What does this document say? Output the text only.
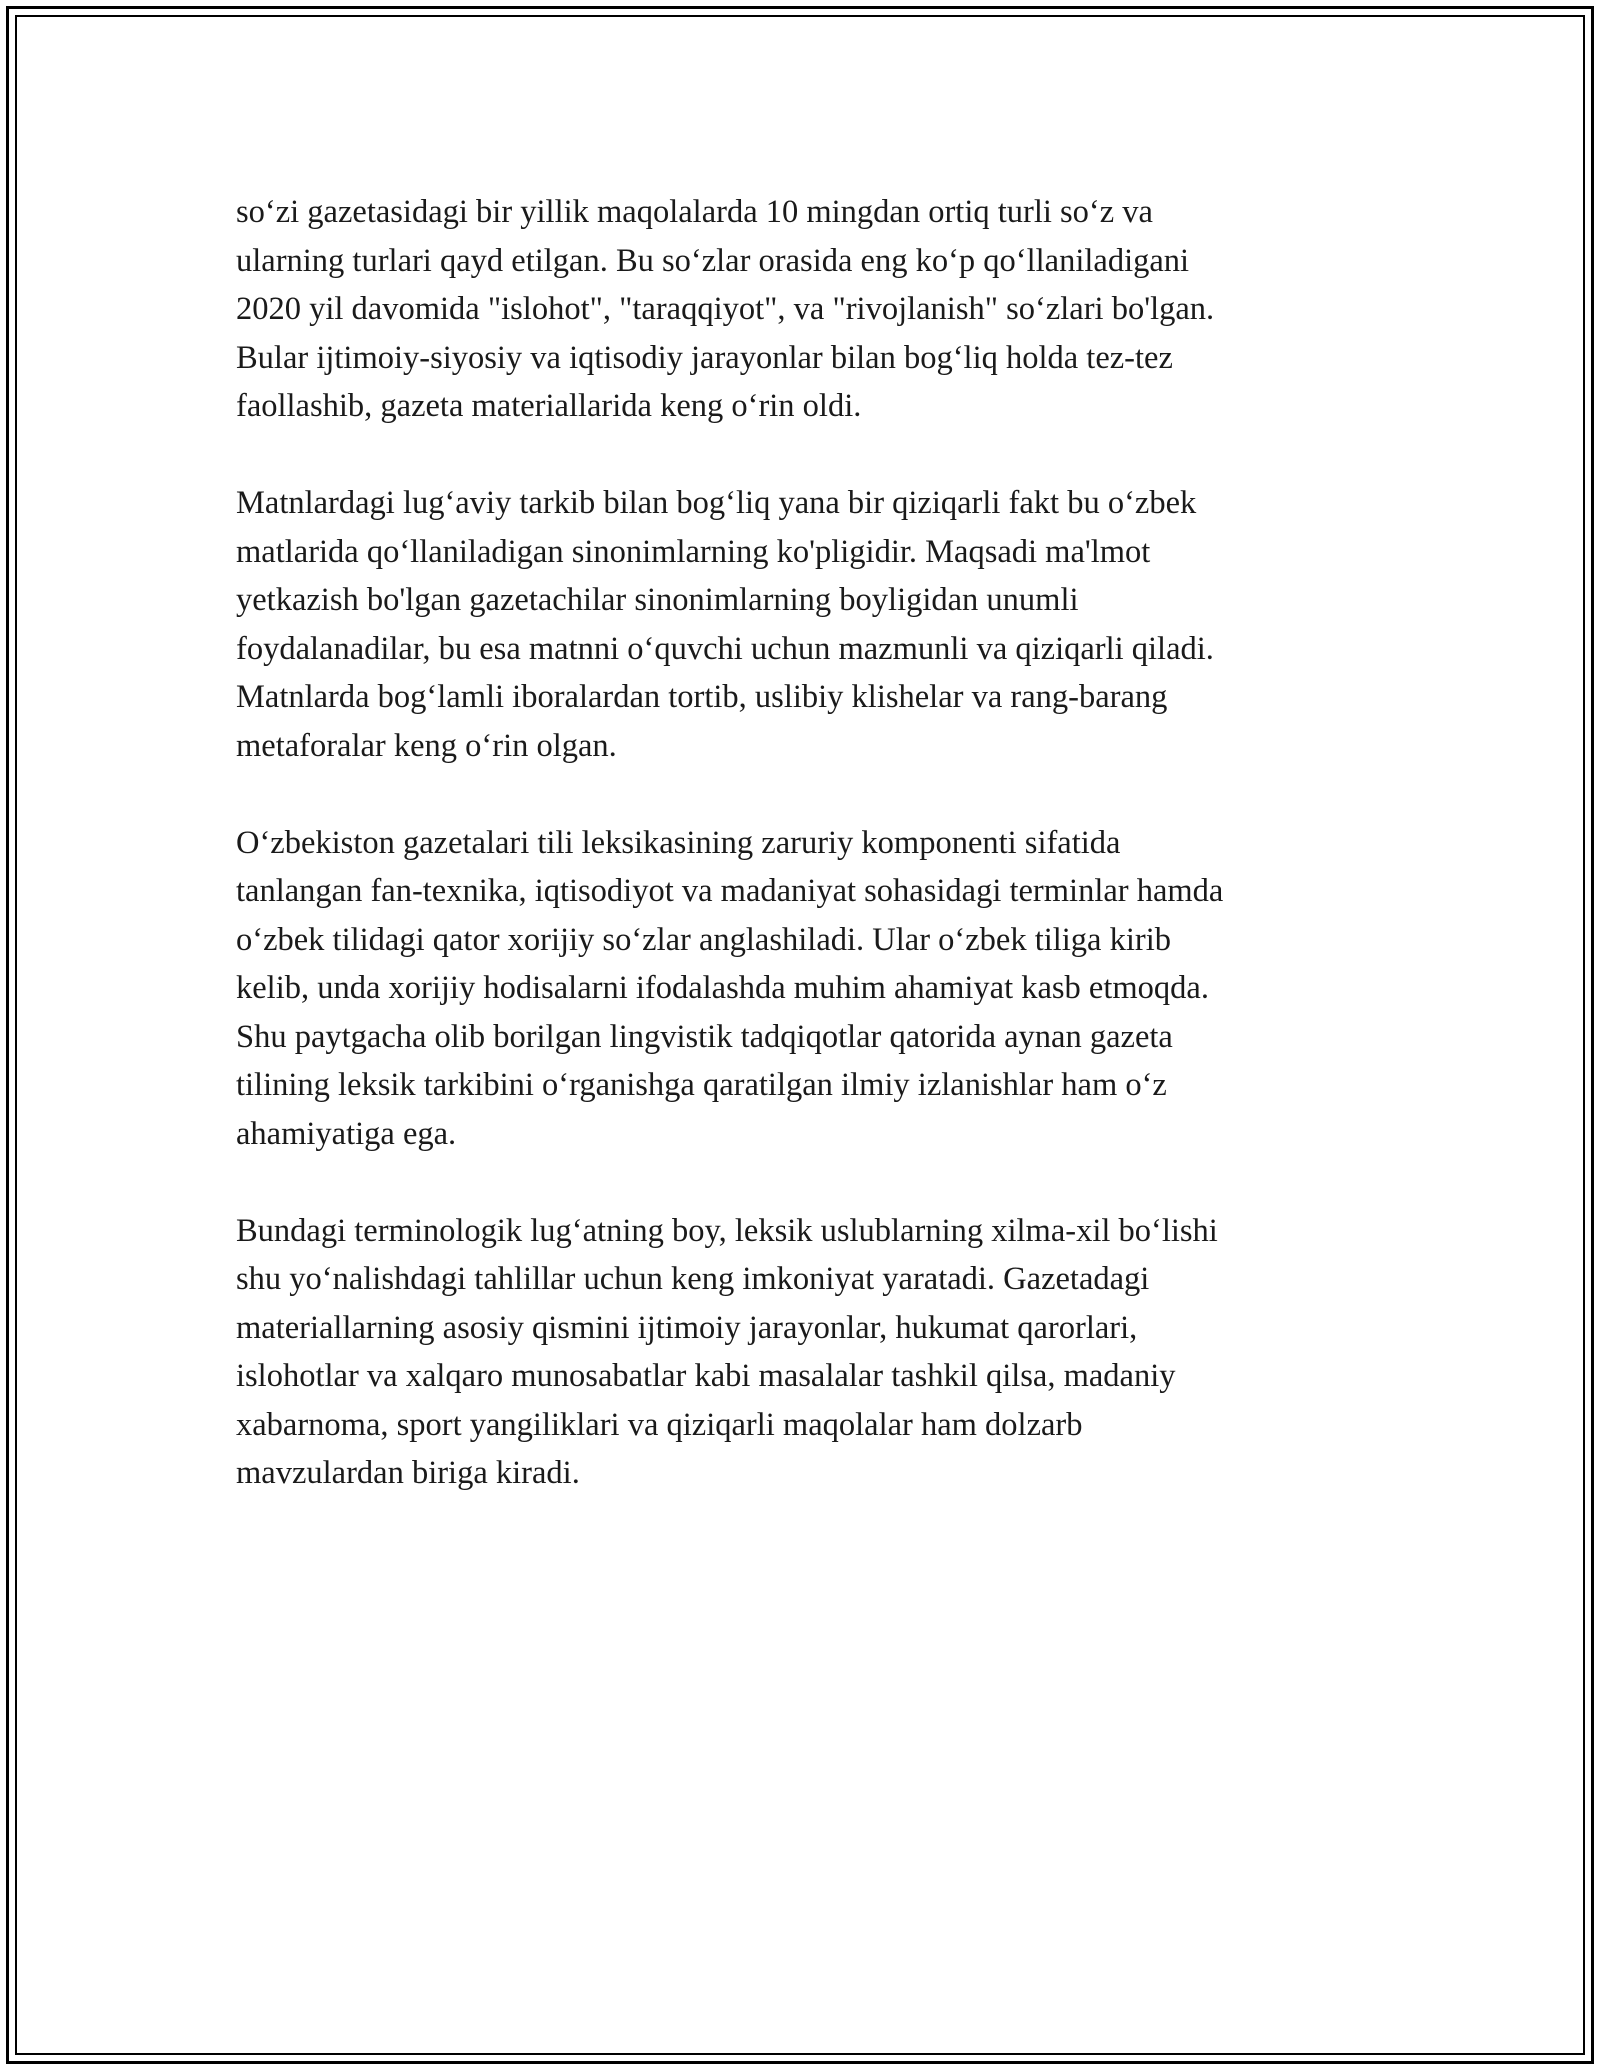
so‘zi gazetasidagi bir yillik maqolalarda 10 mingdan ortiq turli so‘z va
ularning turlari qayd etilgan. Bu so‘zlar orasida eng ko‘p qo‘llaniladigani
2020 yil davomida "islohot", "taraqqiyot", va "rivojlanish" so‘zlari bo'lgan.
Bular ijtimoiy-siyosiy va iqtisodiy jarayonlar bilan bog‘liq holda tez-tez
faollashib, gazeta materiallarida keng o‘rin oldi.

Matnlardagi lug‘aviy tarkib bilan bog‘liq yana bir qiziqarli fakt bu o‘zbek
matlarida qo‘llaniladigan sinonimlarning ko'pligidir. Maqsadi ma'lmot
yetkazish bo'lgan gazetachilar sinonimlarning boyligidan unumli
foydalanadilar, bu esa matnni o‘quvchi uchun mazmunli va qiziqarli qiladi.
Matnlarda bog‘lamli iboralardan tortib, uslibiy klishelar va rang-barang
metaforalar keng o‘rin olgan.

O‘zbekiston gazetalari tili leksikasining zaruriy komponenti sifatida
tanlangan fan-texnika, iqtisodiyot va madaniyat sohasidagi terminlar hamda
o‘zbek tilidagi qator xorijiy so‘zlar anglashiladi. Ular o‘zbek tiliga kirib
kelib, unda xorijiy hodisalarni ifodalashda muhim ahamiyat kasb etmoqda.
Shu paytgacha olib borilgan lingvistik tadqiqotlar qatorida aynan gazeta
tilining leksik tarkibini o‘rganishga qaratilgan ilmiy izlanishlar ham o‘z
ahamiyatiga ega.

Bundagi terminologik lug‘atning boy, leksik uslublarning xilma-xil bo‘lishi
shu yo‘nalishdagi tahlillar uchun keng imkoniyat yaratadi. Gazetadagi
materiallarning asosiy qismini ijtimoiy jarayonlar, hukumat qarorlari,
islohotlar va xalqaro munosabatlar kabi masalalar tashkil qilsa, madaniy
xabarnoma, sport yangiliklari va qiziqarli maqolalar ham dolzarb
mavzulardan biriga kiradi.
